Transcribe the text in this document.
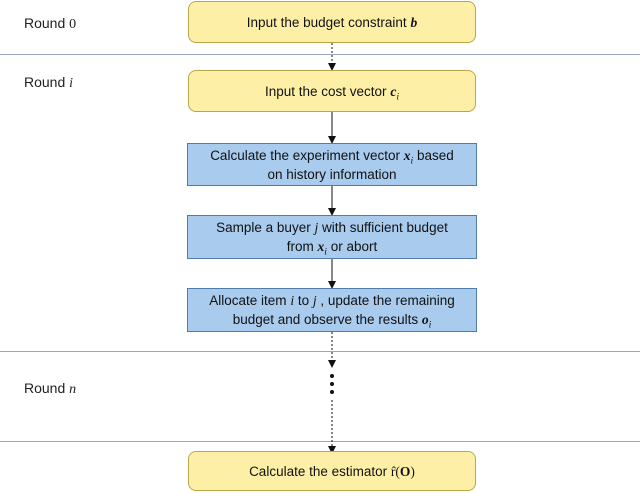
Round 0
Round i
Round n
Input the budget constraint b
Input the cost vector $c_i$
Calculate the experiment vector $x_i$ based
on history information
Sample a buyer j with sufficient budget
from $x_i$ or abort
Allocate item i to j , update the remaining
budget and observe the results $o_i$
Calculate the estimator r̂(O)
